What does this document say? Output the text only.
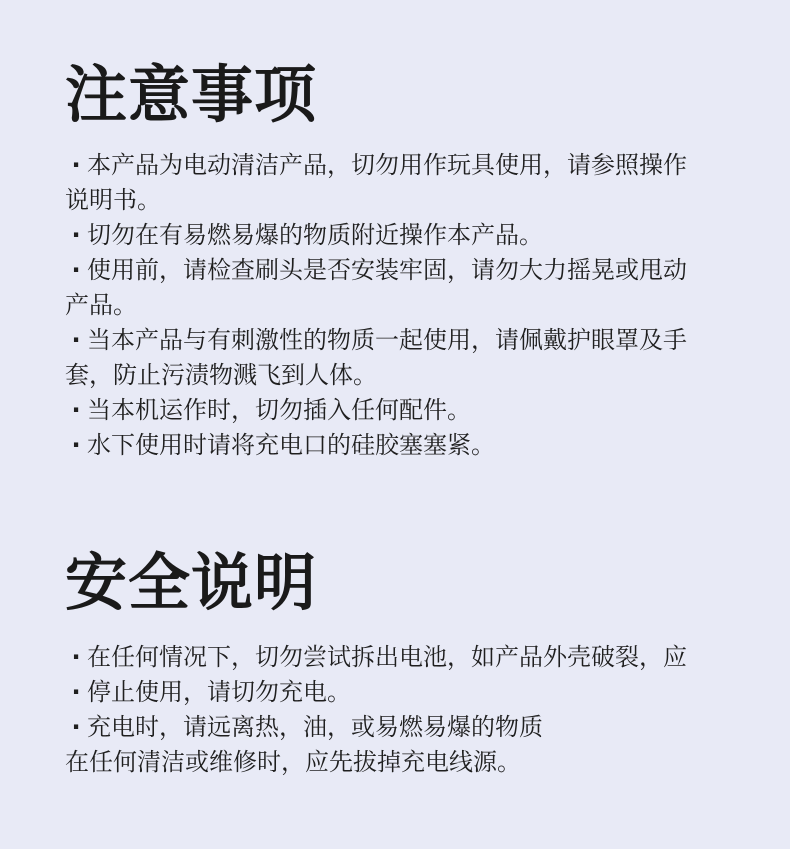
注意事项
· 本产品为电动清洁产品，切勿用作玩具使用，请参照操作
说明书。
· 切勿在有易燃易爆的物质附近操作本产品。
· 使用前，请检查刷头是否安装牢固，请勿大力摇晃或甩动
产品。
· 当本产品与有刺激性的物质一起使用，请佩戴护眼罩及手
套，防止污渍物溅飞到人体。
· 当本机运作时，切勿插入任何配件。
· 水下使用时请将充电口的硅胶塞塞紧。
安全说明
· 在任何情况下，切勿尝试拆出电池，如产品外壳破裂，应
· 停止使用，请切勿充电。
· 充电时，请远离热，油，或易燃易爆的物质
在任何清洁或维修时，应先拔掉充电线源。
